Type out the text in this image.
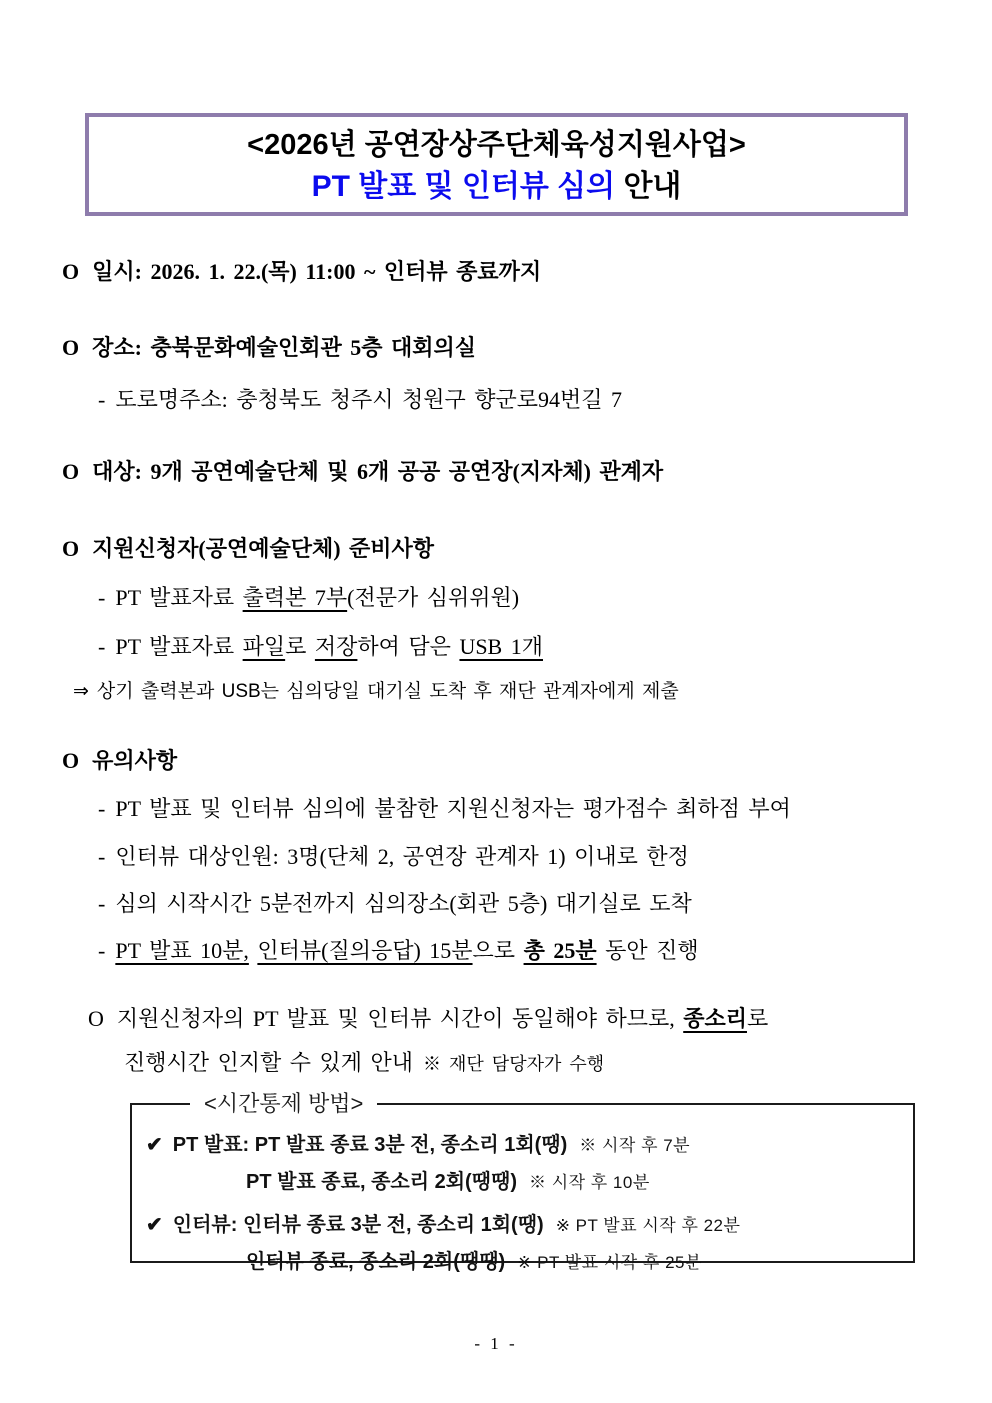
<2026년 공연장상주단체육성지원사업>
PT 발표 및 인터뷰 심의 안내
O 일시: 2026. 1. 22.(목) 11:00 ~ 인터뷰 종료까지
O 장소: 충북문화예술인회관 5층 대회의실
- 도로명주소: 충청북도 청주시 청원구 향군로94번길 7
O 대상: 9개 공연예술단체 및 6개 공공 공연장(지자체) 관계자
O 지원신청자(공연예술단체) 준비사항
- PT 발표자료 출력본 7부(전문가 심위위원)
- PT 발표자료 파일로 저장하여 담은 USB 1개
⇒ 상기 출력본과 USB는 심의당일 대기실 도착 후 재단 관계자에게 제출
O 유의사항
- PT 발표 및 인터뷰 심의에 불참한 지원신청자는 평가점수 최하점 부여
- 인터뷰 대상인원: 3명(단체 2, 공연장 관계자 1) 이내로 한정
- 심의 시작시간 5분전까지 심의장소(회관 5층) 대기실로 도착
- PT 발표 10분, 인터뷰(질의응답) 15분으로 총 25분 동안 진행
O 지원신청자의 PT 발표 및 인터뷰 시간이 동일해야 하므로, 종소리로
진행시간 인지할 수 있게 안내 ※ 재단 담당자가 수행
<시간통제 방법>
✔ PT 발표: PT 발표 종료 3분 전, 종소리 1회(땡) ※ 시작 후 7분
PT 발표 종료, 종소리 2회(땡땡) ※ 시작 후 10분
✔ 인터뷰: 인터뷰 종료 3분 전, 종소리 1회(땡) ※ PT 발표 시작 후 22분
인터뷰 종료, 종소리 2회(땡땡) ※ PT 발표 시작 후 25분
- 1 -
